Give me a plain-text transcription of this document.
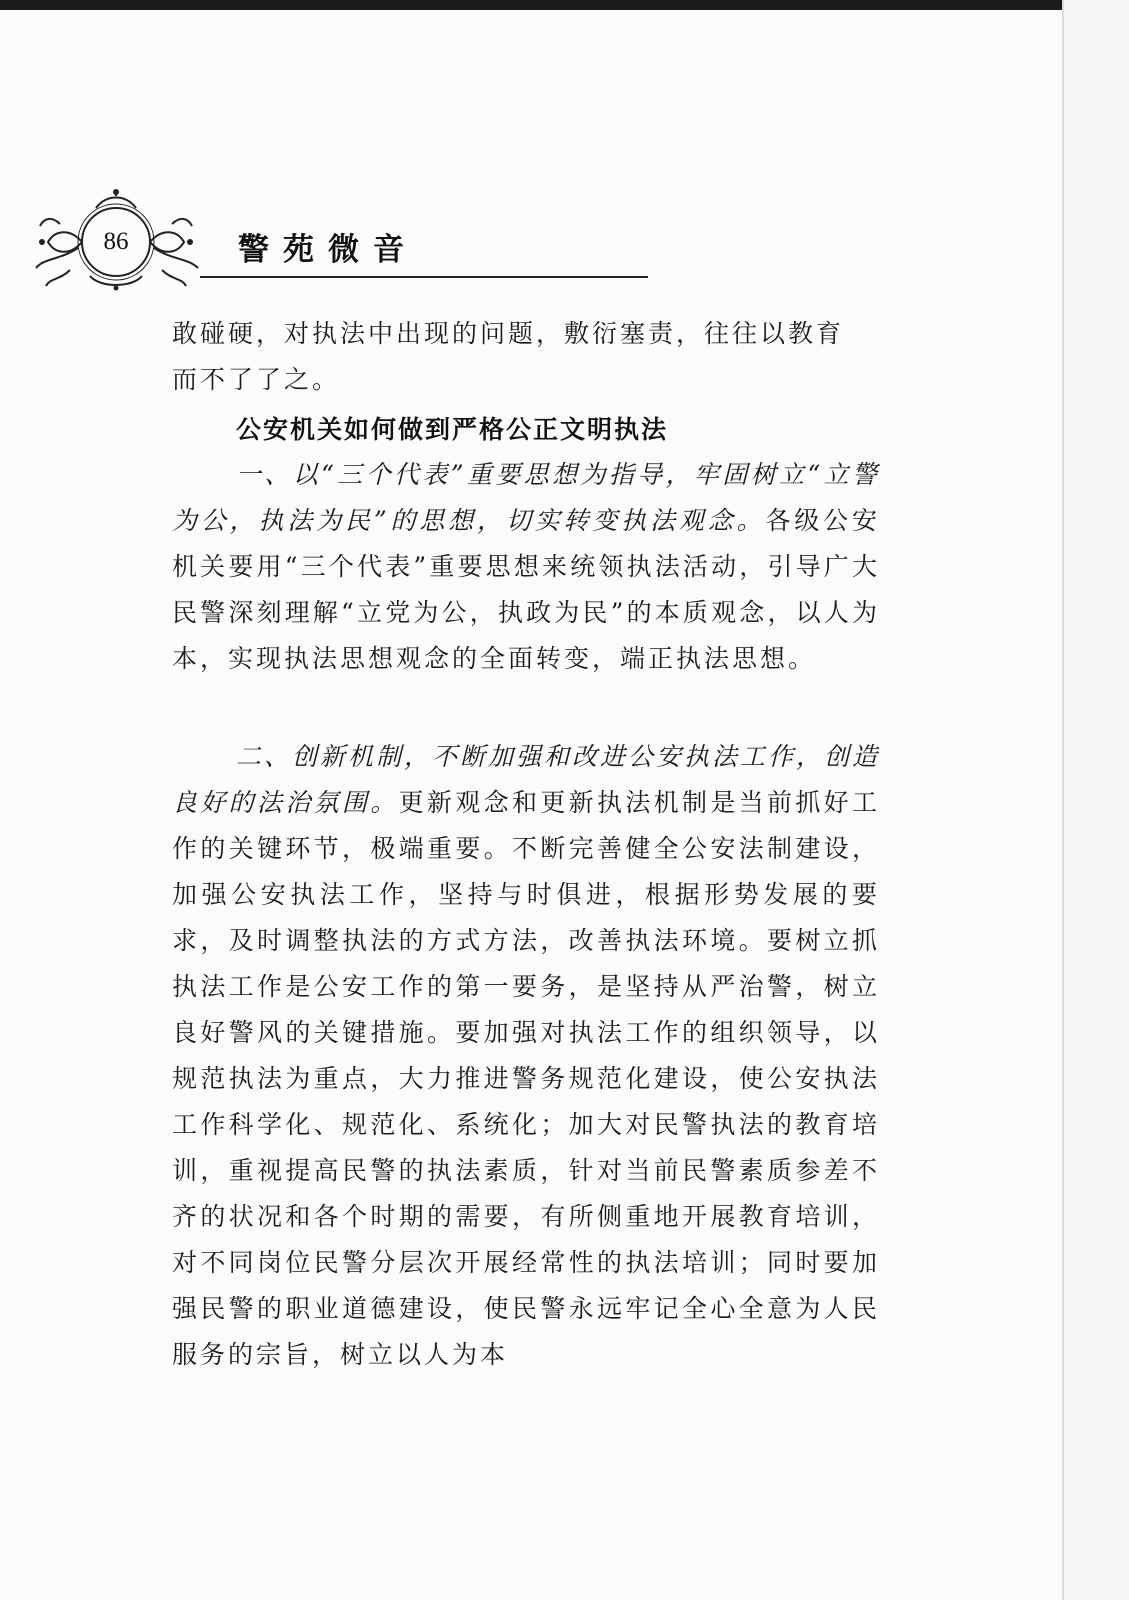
86	警苑微音

敢碰硬，对执法中出现的问题，敷衍塞责，往往以教育

而不了了之。

公安机关如何做到严格公正文明执法

一、以“三个代表”重要思想为指导，牢固树立“立警为公，执法为民”的思想，切实转变执法观念。各级公安机关要用“三个代表”重要思想来统领执法活动，引导广大民警深刻理解“立党为公，执政为民”的本质观念，以人为本，实现执法思想观念的全面转变，端正执法思想。

二、创新机制，不断加强和改进公安执法工作，创造良好的法治氛围。更新观念和更新执法机制是当前抓好工作的关键环节，极端重要。不断完善健全公安法制建设，加强公安执法工作，坚持与时俱进，根据形势发展的要求，及时调整执法的方式方法，改善执法环境。要树立抓执法工作是公安工作的第一要务，是坚持从严治警，树立良好警风的关键措施。要加强对执法工作的组织领导，以规范执法为重点，大力推进警务规范化建设，使公安执法工作科学化、规范化、系统化；加大对民警执法的教育培训，重视提高民警的执法素质，针对当前民警素质参差不齐的状况和各个时期的需要，有所侧重地开展教育培训，对不同岗位民警分层次开展经常性的执法培训；同时要加强民警的职业道德建设，使民警永远牢记全心全意为人民服务的宗旨，树立以人为本
